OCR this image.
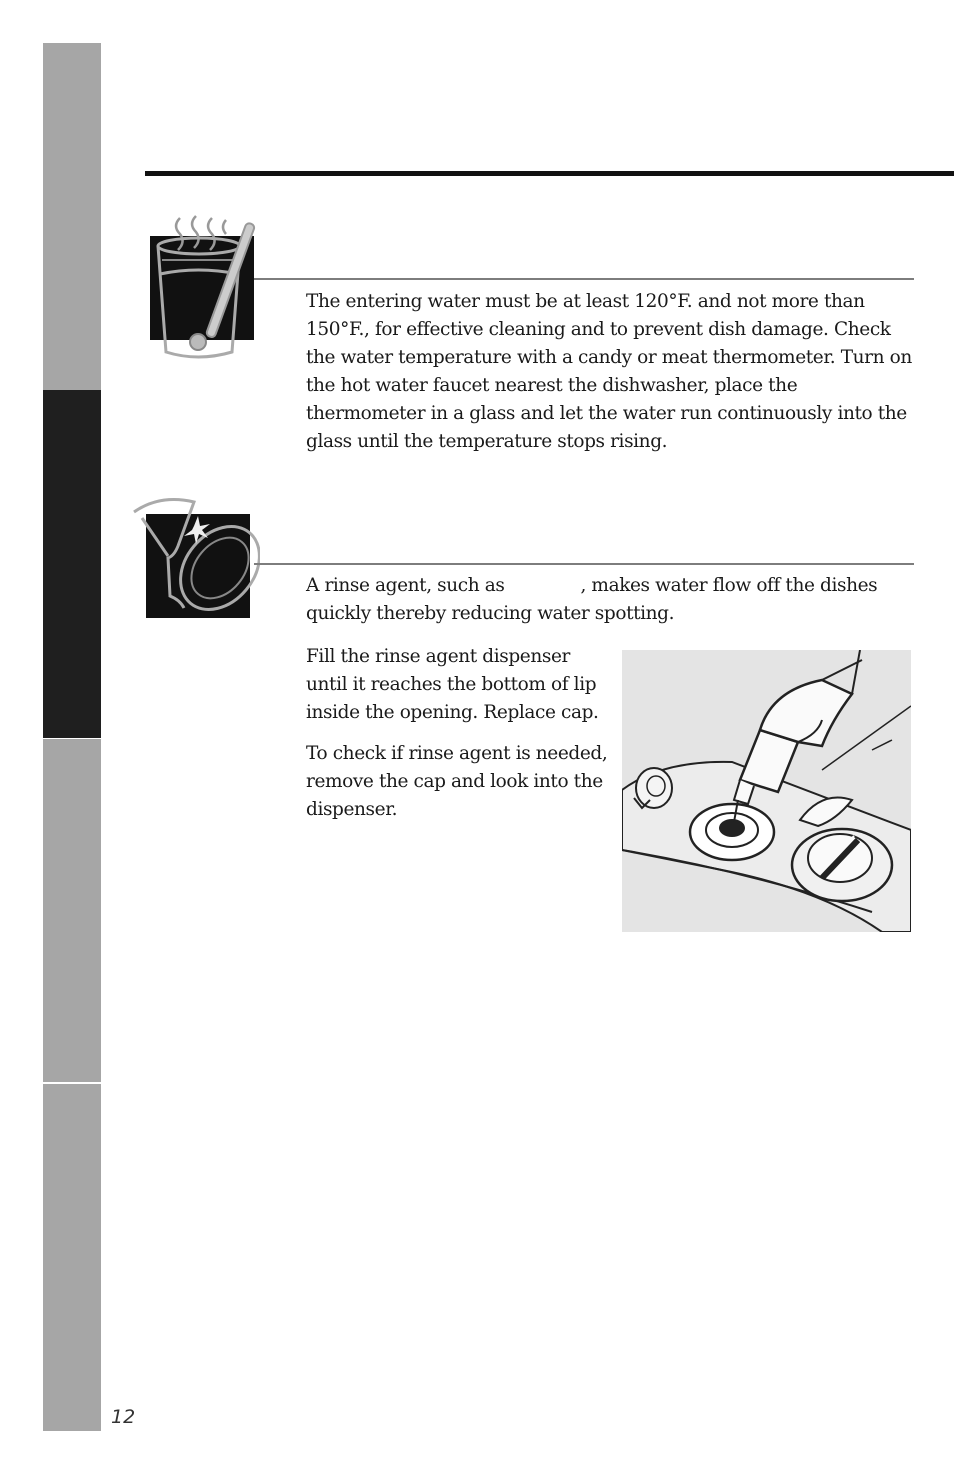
The entering water must be at least 120°F. and not more than 150°F., for effective cleaning and to prevent dish damage. Check the water temperature with a candy or meat thermometer. Turn on the hot water faucet nearest the dishwasher, place the thermometer in a glass and let the water run continuously into the glass until the temperature stops rising.

A rinse agent, such as	, makes water flow off the dishes quickly thereby reducing water spotting.

Fill the rinse agent dispenser until it reaches the bottom of lip inside the opening. Replace cap.

To check if rinse agent is needed, remove the cap and look into the dispenser.

12
